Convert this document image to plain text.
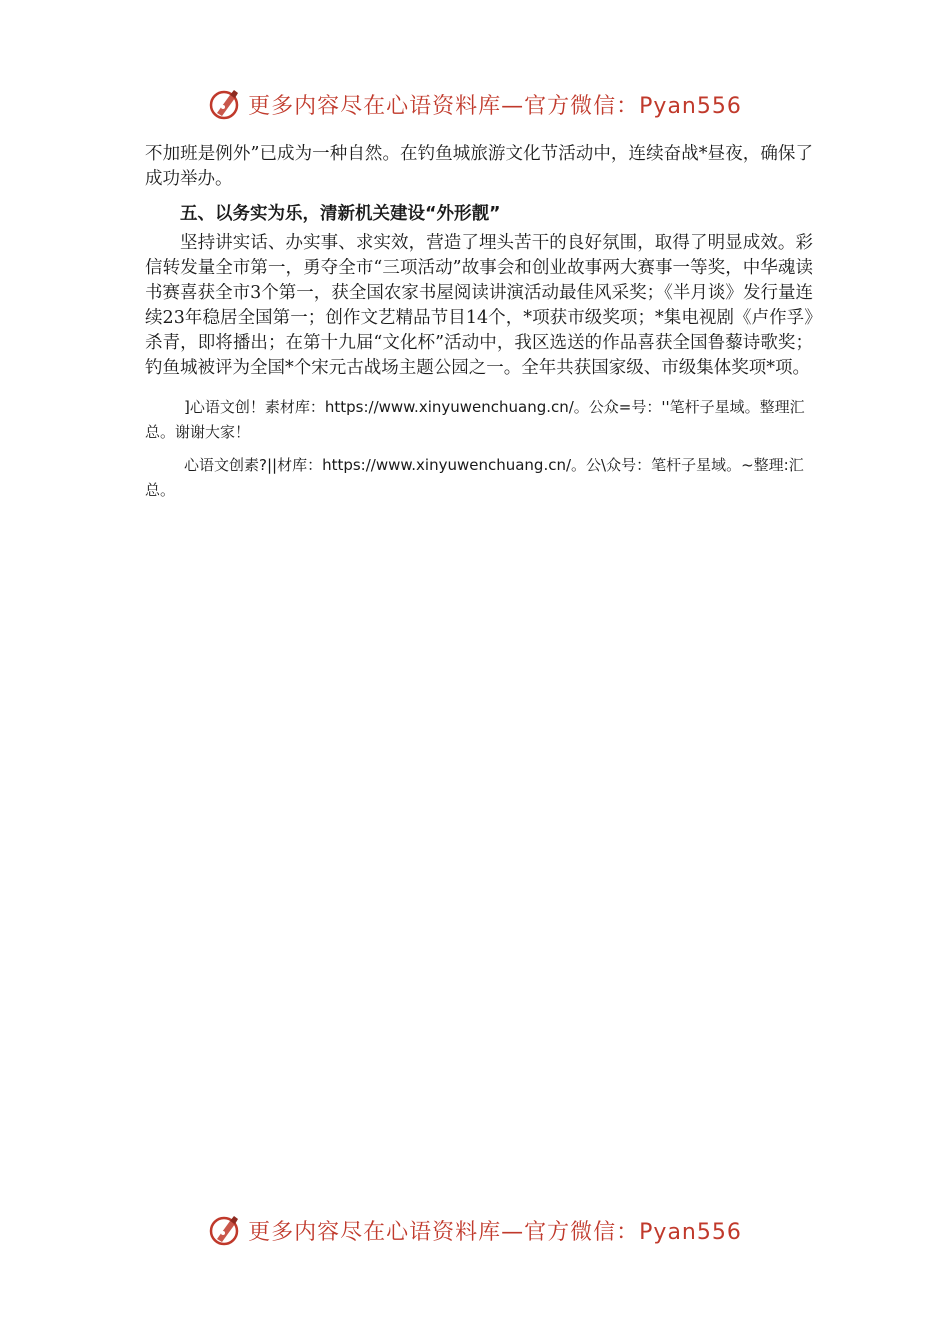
更多内容尽在心语资料库—官方微信：Pyan556

不加班是例外”已成为一种自然。在钓鱼城旅游文化节活动中，连续奋战*昼夜，确保了成功举办。

五、以务实为乐，清新机关建设“外形靓”

坚持讲实话、办实事、求实效，营造了埋头苦干的良好氛围，取得了明显成效。彩信转发量全市第一，勇夺全市“三项活动”故事会和创业故事两大赛事一等奖，中华魂读书赛喜获全市3个第一，获全国农家书屋阅读讲演活动最佳风采奖；《半月谈》发行量连续23年稳居全国第一；创作文艺精品节目14个，*项获市级奖项；*集电视剧《卢作孚》杀青，即将播出；在第十九届“文化杯”活动中，我区选送的作品喜获全国鲁藜诗歌奖；钓鱼城被评为全国*个宋元古战场主题公园之一。全年共获国家级、市级集体奖项*项。

]心语文创！素材库：https://www.xinyuwenchuang.cn/。公众=号：''笔杆子星域。整理汇总。谢谢大家！

心语文创素?||材库：https://www.xinyuwenchuang.cn/。公\众号：笔杆子星域。~整理:汇总。

更多内容尽在心语资料库—官方微信：Pyan556
